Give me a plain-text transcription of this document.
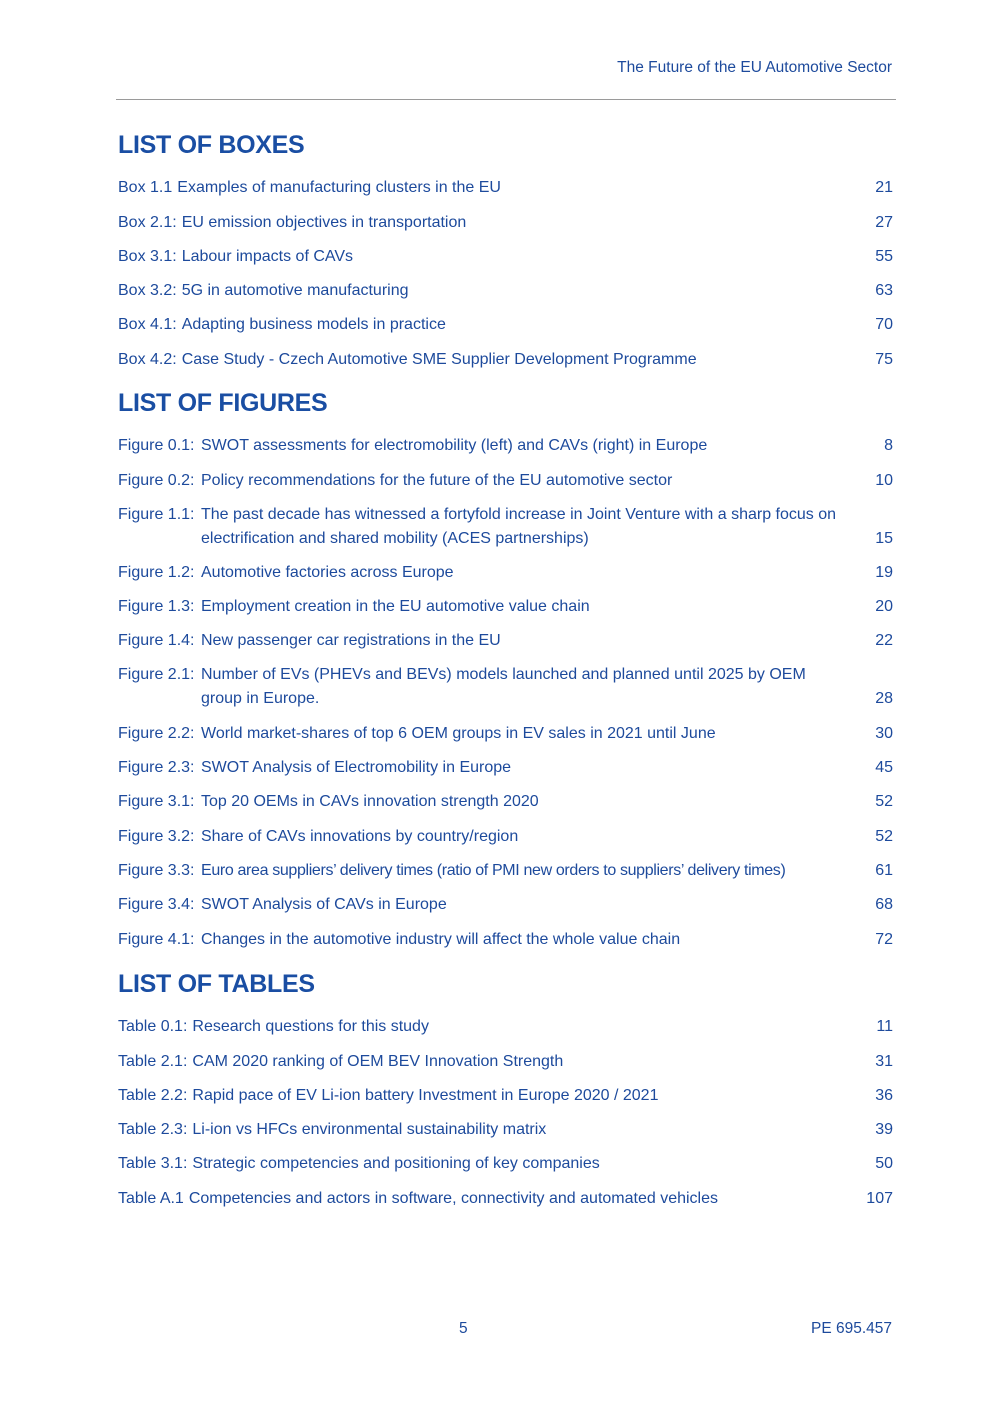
The Future of the EU Automotive Sector
LIST OF BOXES
Box 1.1 Examples of manufacturing clusters in the EU	21
Box 2.1: EU emission objectives in transportation	27
Box 3.1: Labour impacts of CAVs	55
Box 3.2: 5G in automotive manufacturing	63
Box 4.1: Adapting business models in practice	70
Box 4.2: Case Study - Czech Automotive SME Supplier Development Programme	75
LIST OF FIGURES
Figure 0.1: SWOT assessments for electromobility (left) and CAVs (right) in Europe	8
Figure 0.2: Policy recommendations for the future of the EU automotive sector	10
Figure 1.1: The past decade has witnessed a fortyfold increase in Joint Venture with a sharp focus on electrification and shared mobility (ACES partnerships)	15
Figure 1.2: Automotive factories across Europe	19
Figure 1.3: Employment creation in the EU automotive value chain	20
Figure 1.4: New passenger car registrations in the EU	22
Figure 2.1: Number of EVs (PHEVs and BEVs) models launched and planned until 2025 by OEM group in Europe.	28
Figure 2.2: World market-shares of top 6 OEM groups in EV sales in 2021 until June	30
Figure 2.3: SWOT Analysis of Electromobility in Europe	45
Figure 3.1: Top 20 OEMs in CAVs innovation strength 2020	52
Figure 3.2: Share of CAVs innovations by country/region	52
Figure 3.3: Euro area suppliers’ delivery times (ratio of PMI new orders to suppliers’ delivery times)	61
Figure 3.4: SWOT Analysis of CAVs in Europe	68
Figure 4.1: Changes in the automotive industry will affect the whole value chain	72
LIST OF TABLES
Table 0.1: Research questions for this study	11
Table 2.1: CAM 2020 ranking of OEM BEV Innovation Strength	31
Table 2.2: Rapid pace of EV Li-ion battery Investment in Europe 2020 / 2021	36
Table 2.3: Li-ion vs HFCs environmental sustainability matrix	39
Table 3.1: Strategic competencies and positioning of key companies	50
Table A.1 Competencies and actors in software, connectivity and automated vehicles	107
5	PE 695.457
